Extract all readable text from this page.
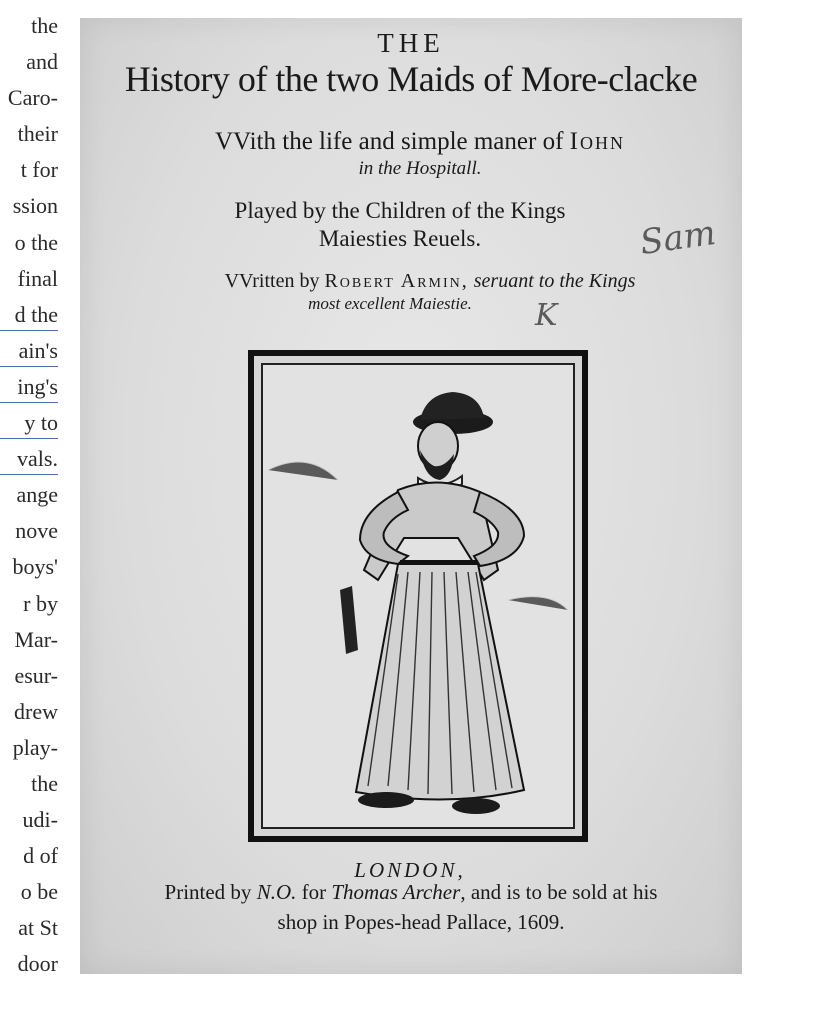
the
and
Caro-
their
t for
ssion
o the
final
d the
ain's
ing's
y to
vals.
ange
nove
boys'
r by
Mar-
esur-
drew
play-
the
udi-
d of
o be
at St
door
THE
History of the two Maids of More-clacke
VVith the life and simple maner of Iohn
in the Hospitall.
Played by the Children of the Kings
Maiesties Reuels.
VVritten by Robert Armin, seruant to the Kings
most excellent Maiestie.
Sam
K
LONDON,
Printed by N.O. for Thomas Archer, and is to be sold at his
shop in Popes-head Pallace, 1609.
